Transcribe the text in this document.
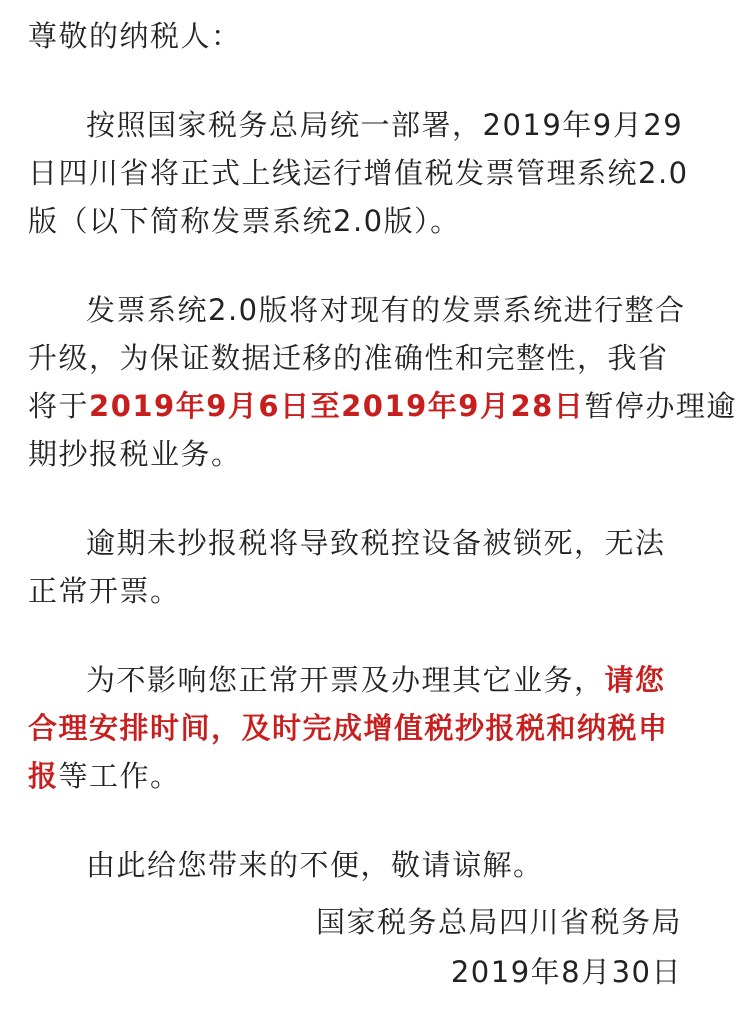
尊敬的纳税人：
按照国家税务总局统一部署，2019年9月29
日四川省将正式上线运行增值税发票管理系统2.0
版（以下简称发票系统2.0版）。
发票系统2.0版将对现有的发票系统进行整合
升级，为保证数据迁移的准确性和完整性，我省
将于2019年9月6日至2019年9月28日暂停办理逾
期抄报税业务。
逾期未抄报税将导致税控设备被锁死，无法
正常开票。
为不影响您正常开票及办理其它业务，请您
合理安排时间，及时完成增值税抄报税和纳税申
报等工作。
由此给您带来的不便，敬请谅解。
国家税务总局四川省税务局
2019年8月30日
